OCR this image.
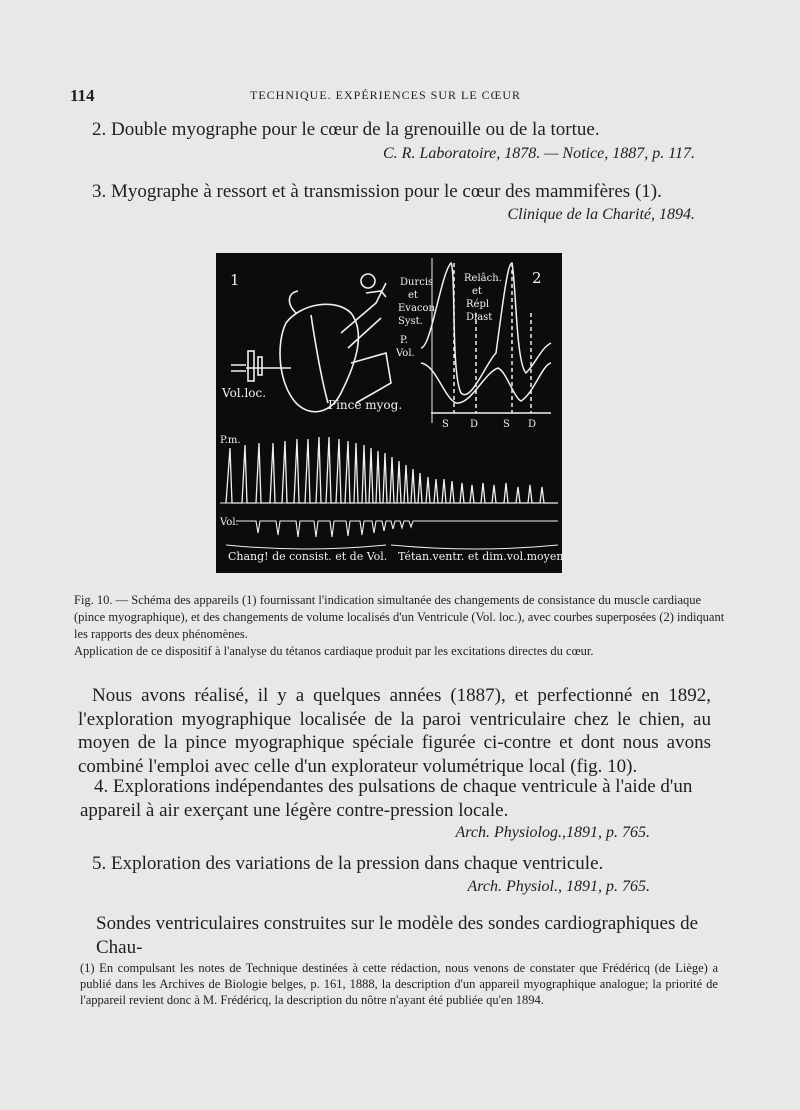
114	TECHNIQUE. EXPÉRIENCES SUR LE CŒUR
2. Double myographe pour le cœur de la grenouille ou de la tortue.
C. R. Laboratoire, 1878. — Notice, 1887, p. 117.
3. Myographe à ressort et à transmission pour le cœur des mammifères (1).
Clinique de la Charité, 1894.
1
Vol.loc.
Pince myog.
2
Durcis
et
Evacon
Syst.
Relâch.
et
Répl
Diast
P.
Vol.
S D S D
P.m.
Vol.
Chang! de consist. et de Vol. Tétan.ventr. et dim.vol.moyen

Fig. 10. — Schéma des appareils (1) fournissant l'indication simultanée des changements de consistance du muscle cardiaque (pince myographique), et des changements de volume localisés d'un Ventricule (Vol. loc.), avec courbes superposées (2) indiquant les rapports des deux phénomènes.

Application de ce dispositif à l'analyse du tétanos cardiaque produit par les excitations directes du cœur.

Nous avons réalisé, il y a quelques années (1887), et perfectionné en 1892, l'exploration myographique localisée de la paroi ventriculaire chez le chien, au moyen de la pince myographique spéciale figurée ci-contre et dont nous avons combiné l'emploi avec celle d'un explorateur volumétrique local (fig. 10).
4. Explorations indépendantes des pulsations de chaque ventricule à l'aide d'un appareil à air exerçant une légère contre-pression locale.
Arch. Physiolog.,1891, p. 765.
5. Exploration des variations de la pression dans chaque ventricule.
Arch. Physiol., 1891, p. 765.
Sondes ventriculaires construites sur le modèle des sondes cardiographiques de Chau-
(1) En compulsant les notes de Technique destinées à cette rédaction, nous venons de constater que Frédéricq (de Liège) a publié dans les Archives de Biologie belges, p. 161, 1888, la description d'un appareil myographique analogue; la priorité de l'appareil revient donc à M. Frédéricq, la description du nôtre n'ayant été publiée qu'en 1894.
